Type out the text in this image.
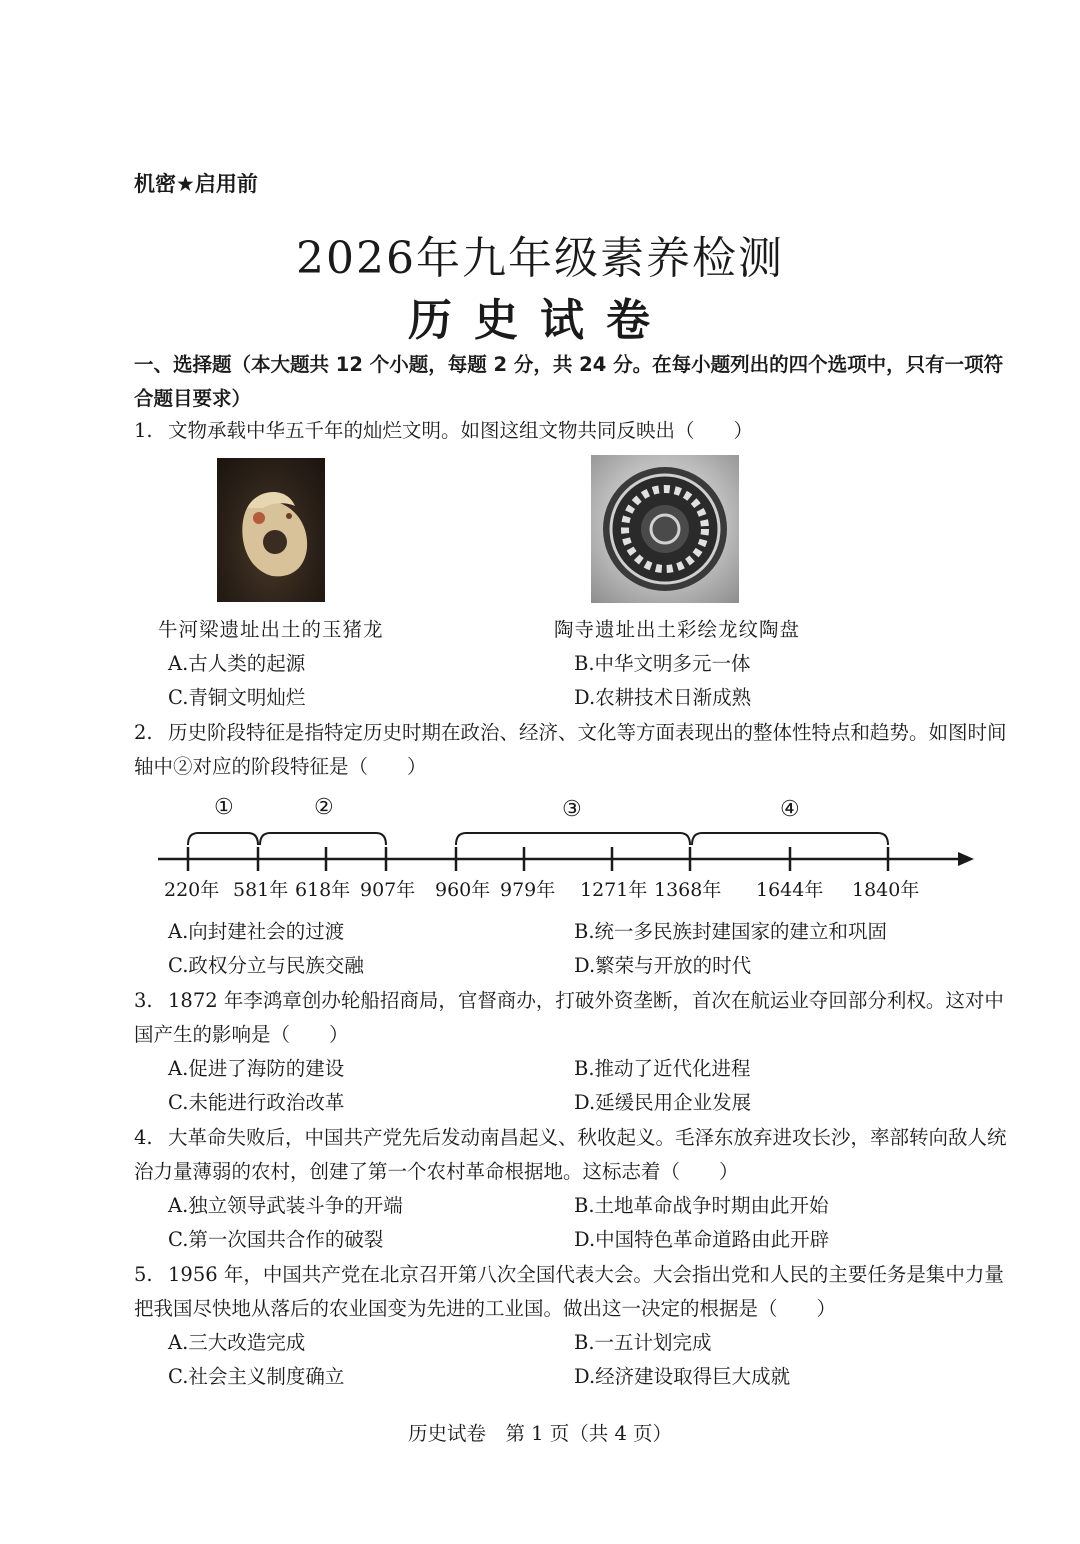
机密★启用前
2026年九年级素养检测
历史试卷
一、选择题（本大题共 12 个小题，每题 2 分，共 24 分。在每小题列出的四个选项中，只有一项符合题目要求）
1. 文物承载中华五千年的灿烂文明。如图这组文物共同反映出（　　）
牛河梁遗址出土的玉猪龙	陶寺遗址出土彩绘龙纹陶盘
A.古人类的起源	B.中华文明多元一体
C.青铜文明灿烂	D.农耕技术日渐成熟
2. 历史阶段特征是指特定历史时期在政治、经济、文化等方面表现出的整体性特点和趋势。如图时间轴中②对应的阶段特征是（　　）
①	②	③	④
220年 581年 618年 907年 960年 979年 1271年 1368年 1644年 1840年
A.向封建社会的过渡	B.统一多民族封建国家的建立和巩固
C.政权分立与民族交融	D.繁荣与开放的时代
3. 1872 年李鸿章创办轮船招商局，官督商办，打破外资垄断，首次在航运业夺回部分利权。这对中国产生的影响是（　　）
A.促进了海防的建设	B.推动了近代化进程
C.未能进行政治改革	D.延缓民用企业发展
4. 大革命失败后，中国共产党先后发动南昌起义、秋收起义。毛泽东放弃进攻长沙，率部转向敌人统治力量薄弱的农村，创建了第一个农村革命根据地。这标志着（　　）
A.独立领导武装斗争的开端	B.土地革命战争时期由此开始
C.第一次国共合作的破裂	D.中国特色革命道路由此开辟
5. 1956 年，中国共产党在北京召开第八次全国代表大会。大会指出党和人民的主要任务是集中力量把我国尽快地从落后的农业国变为先进的工业国。做出这一决定的根据是（　　）
A.三大改造完成	B.一五计划完成
C.社会主义制度确立	D.经济建设取得巨大成就
历史试卷　第 1 页（共 4 页）
